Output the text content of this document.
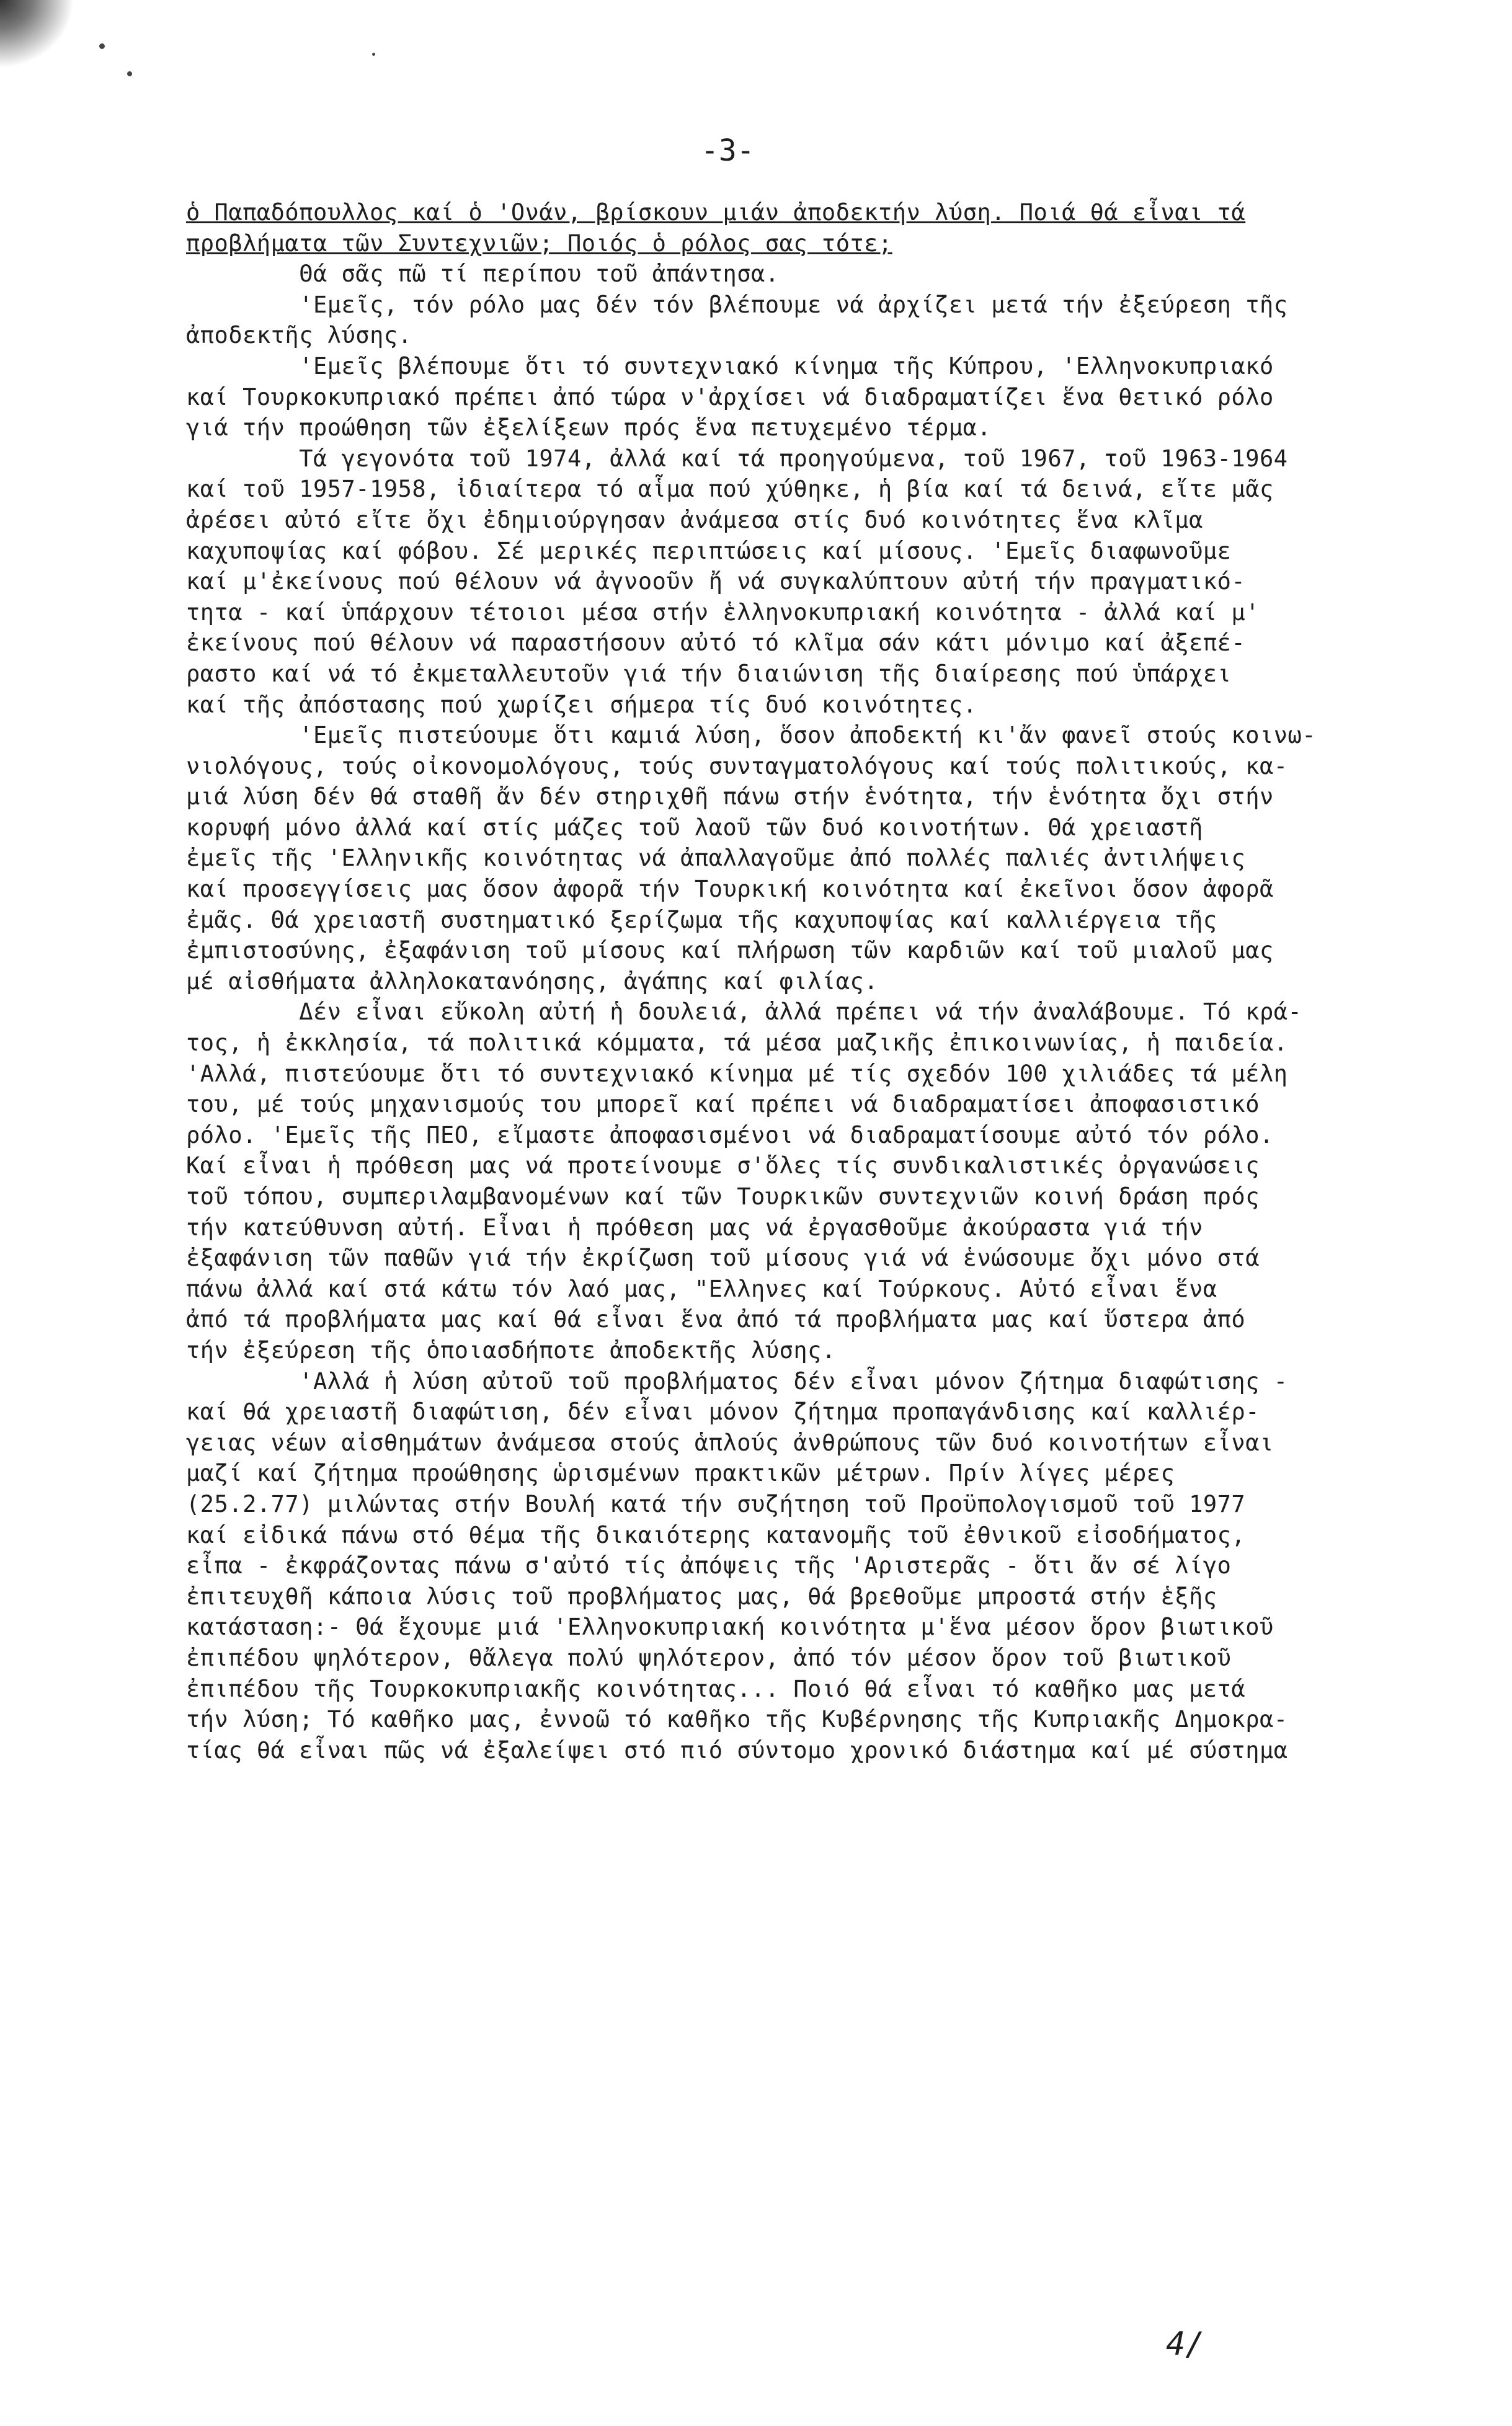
-3-
ὁ Παπαδόπουλλος καί ὁ 'Ονάν, βρίσκουν μιάν ἀποδεκτήν λύση. Ποιά θά εἶναι τά
προβλήματα τῶν Συντεχνιῶν; Ποιός ὁ ρόλος σας τότε;
Θά σᾶς πῶ τί περίπου τοῦ ἀπάντησα.
'Εμεῖς, τόν ρόλο μας δέν τόν βλέπουμε νά ἀρχίζει μετά τήν ἐξεύρεση τῆς
ἀποδεκτῆς λύσης.
'Εμεῖς βλέπουμε ὅτι τό συντεχνιακό κίνημα τῆς Κύπρου, 'Ελληνοκυπριακό
καί Τουρκοκυπριακό πρέπει ἀπό τώρα ν'ἀρχίσει νά διαδραματίζει ἕνα θετικό ρόλο
γιά τήν προώθηση τῶν ἐξελίξεων πρός ἕνα πετυχεμένο τέρμα.
Τά γεγονότα τοῦ 1974, ἀλλά καί τά προηγούμενα, τοῦ 1967, τοῦ 1963-1964
καί τοῦ 1957-1958, ἰδιαίτερα τό αἷμα πού χύθηκε, ἡ βία καί τά δεινά, εἴτε μᾶς
ἀρέσει αὐτό εἴτε ὄχι ἐδημιούργησαν ἀνάμεσα στίς δυό κοινότητες ἕνα κλῖμα
καχυποψίας καί φόβου. Σέ μερικές περιπτώσεις καί μίσους. 'Εμεῖς διαφωνοῦμε
καί μ'ἐκείνους πού θέλουν νά ἀγνοοῦν ἤ νά συγκαλύπτουν αὐτή τήν πραγματικό-
τητα - καί ὑπάρχουν τέτοιοι μέσα στήν ἑλληνοκυπριακή κοινότητα - ἀλλά καί μ'
ἐκείνους πού θέλουν νά παραστήσουν αὐτό τό κλῖμα σάν κάτι μόνιμο καί ἀξεπέ-
ραστο καί νά τό ἐκμεταλλευτοῦν γιά τήν διαιώνιση τῆς διαίρεσης πού ὑπάρχει
καί τῆς ἀπόστασης πού χωρίζει σήμερα τίς δυό κοινότητες.
'Εμεῖς πιστεύουμε ὅτι καμιά λύση, ὅσον ἀποδεκτή κι'ἄν φανεῖ στούς κοινω-
νιολόγους, τούς οἰκονομολόγους, τούς συνταγματολόγους καί τούς πολιτικούς, κα-
μιά λύση δέν θά σταθῆ ἄν δέν στηριχθῆ πάνω στήν ἑνότητα, τήν ἑνότητα ὄχι στήν
κορυφή μόνο ἀλλά καί στίς μάζες τοῦ λαοῦ τῶν δυό κοινοτήτων. Θά χρειαστῆ
ἐμεῖς τῆς 'Ελληνικῆς κοινότητας νά ἀπαλλαγοῦμε ἀπό πολλές παλιές ἀντιλήψεις
καί προσεγγίσεις μας ὅσον ἀφορᾶ τήν Τουρκική κοινότητα καί ἐκεῖνοι ὅσον ἀφορᾶ
ἐμᾶς. Θά χρειαστῆ συστηματικό ξερίζωμα τῆς καχυποψίας καί καλλιέργεια τῆς
ἐμπιστοσύνης, ἐξαφάνιση τοῦ μίσους καί πλήρωση τῶν καρδιῶν καί τοῦ μιαλοῦ μας
μέ αἰσθήματα ἀλληλοκατανόησης, ἀγάπης καί φιλίας.
Δέν εἶναι εὔκολη αὐτή ἡ δουλειά, ἀλλά πρέπει νά τήν ἀναλάβουμε. Τό κρά-
τος, ἡ ἐκκλησία, τά πολιτικά κόμματα, τά μέσα μαζικῆς ἐπικοινωνίας, ἡ παιδεία.
'Αλλά, πιστεύουμε ὅτι τό συντεχνιακό κίνημα μέ τίς σχεδόν 100 χιλιάδες τά μέλη
του, μέ τούς μηχανισμούς του μπορεῖ καί πρέπει νά διαδραματίσει ἀποφασιστικό
ρόλο. 'Εμεῖς τῆς ΠΕΟ, εἴμαστε ἀποφασισμένοι νά διαδραματίσουμε αὐτό τόν ρόλο.
Καί εἶναι ἡ πρόθεση μας νά προτείνουμε σ'ὅλες τίς συνδικαλιστικές ὀργανώσεις
τοῦ τόπου, συμπεριλαμβανομένων καί τῶν Τουρκικῶν συντεχνιῶν κοινή δράση πρός
τήν κατεύθυνση αὐτή. Εἶναι ἡ πρόθεση μας νά ἐργασθοῦμε ἀκούραστα γιά τήν
ἐξαφάνιση τῶν παθῶν γιά τήν ἐκρίζωση τοῦ μίσους γιά νά ἑνώσουμε ὄχι μόνο στά
πάνω ἀλλά καί στά κάτω τόν λαό μας, "Ελληνες καί Τούρκους. Αὐτό εἶναι ἕνα
ἀπό τά προβλήματα μας καί θά εἶναι ἕνα ἀπό τά προβλήματα μας καί ὕστερα ἀπό
τήν ἐξεύρεση τῆς ὁποιασδήποτε ἀποδεκτῆς λύσης.
'Αλλά ἡ λύση αὐτοῦ τοῦ προβλήματος δέν εἶναι μόνον ζήτημα διαφώτισης -
καί θά χρειαστῆ διαφώτιση, δέν εἶναι μόνον ζήτημα προπαγάνδισης καί καλλιέρ-
γειας νέων αἰσθημάτων ἀνάμεσα στούς ἁπλούς ἀνθρώπους τῶν δυό κοινοτήτων εἶναι
μαζί καί ζήτημα προώθησης ὡρισμένων πρακτικῶν μέτρων. Πρίν λίγες μέρες
(25.2.77) μιλώντας στήν Βουλή κατά τήν συζήτηση τοῦ Προϋπολογισμοῦ τοῦ 1977
καί εἰδικά πάνω στό θέμα τῆς δικαιότερης κατανομῆς τοῦ ἐθνικοῦ εἰσοδήματος,
εἶπα - ἐκφράζοντας πάνω σ'αὐτό τίς ἀπόψεις τῆς 'Αριστερᾶς - ὅτι ἄν σέ λίγο
ἐπιτευχθῆ κάποια λύσις τοῦ προβλήματος μας, θά βρεθοῦμε μπροστά στήν ἑξῆς
κατάσταση:- Θά ἔχουμε μιά 'Ελληνοκυπριακή κοινότητα μ'ἕνα μέσον ὅρον βιωτικοῦ
ἐπιπέδου ψηλότερον, θἄλεγα πολύ ψηλότερον, ἀπό τόν μέσον ὅρον τοῦ βιωτικοῦ
ἐπιπέδου τῆς Τουρκοκυπριακῆς κοινότητας... Ποιό θά εἶναι τό καθῆκο μας μετά
τήν λύση; Τό καθῆκο μας, ἐννοῶ τό καθῆκο τῆς Κυβέρνησης τῆς Κυπριακῆς Δημοκρα-
τίας θά εἶναι πῶς νά ἐξαλείψει στό πιό σύντομο χρονικό διάστημα καί μέ σύστημα
4/
